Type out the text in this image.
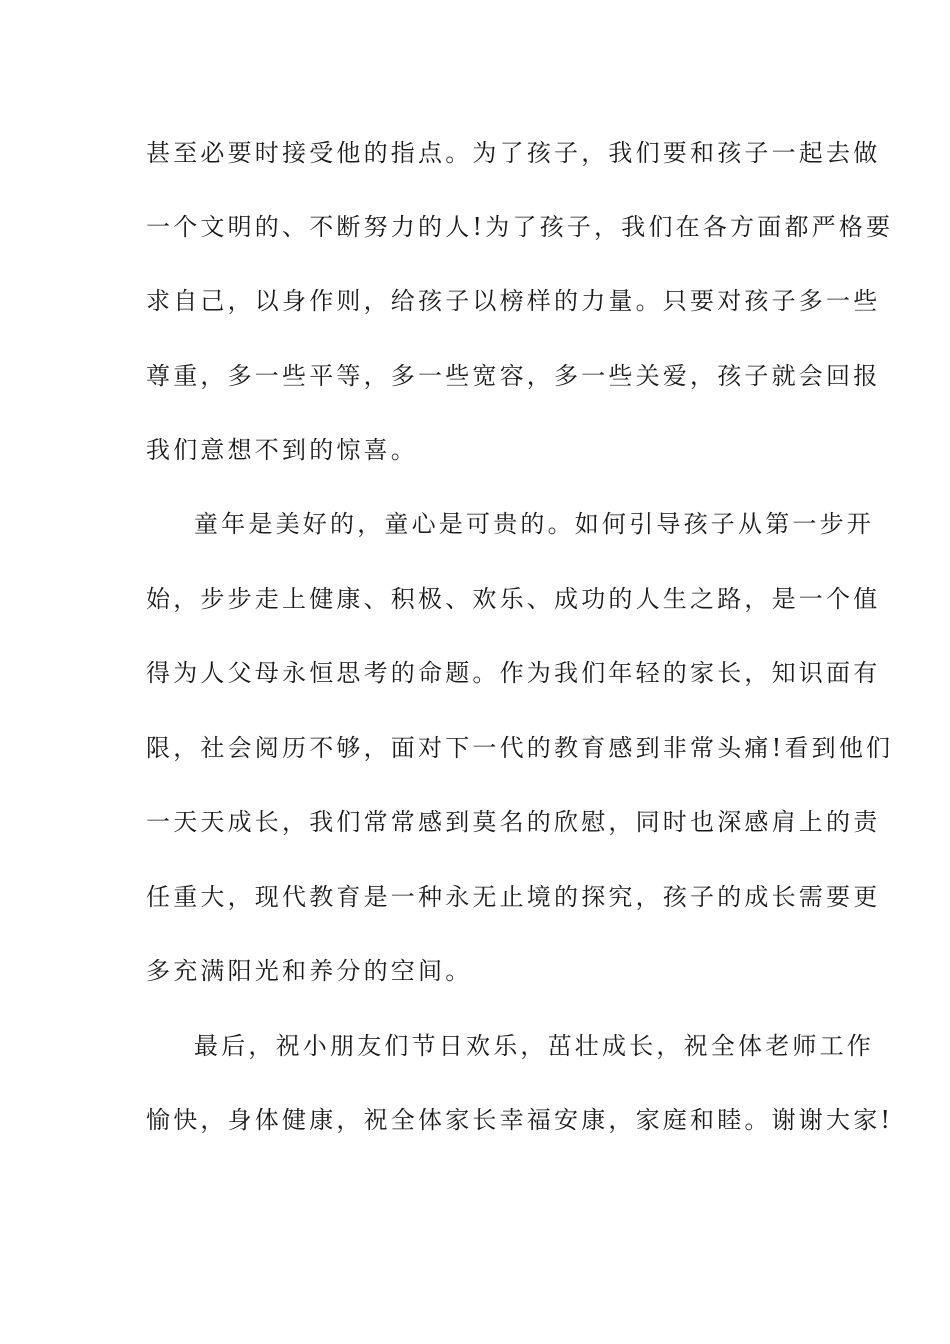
甚至必要时接受他的指点。为了孩子，我们要和孩子一起去做
一个文明的、不断努力的人!为了孩子，我们在各方面都严格要
求自己，以身作则，给孩子以榜样的力量。只要对孩子多一些
尊重，多一些平等，多一些宽容，多一些关爱，孩子就会回报
我们意想不到的惊喜。
童年是美好的，童心是可贵的。如何引导孩子从第一步开
始，步步走上健康、积极、欢乐、成功的人生之路，是一个值
得为人父母永恒思考的命题。作为我们年轻的家长，知识面有
限，社会阅历不够，面对下一代的教育感到非常头痛!看到他们
一天天成长，我们常常感到莫名的欣慰，同时也深感肩上的责
任重大，现代教育是一种永无止境的探究，孩子的成长需要更
多充满阳光和养分的空间。
最后，祝小朋友们节日欢乐，茁壮成长，祝全体老师工作
愉快，身体健康，祝全体家长幸福安康，家庭和睦。谢谢大家!
